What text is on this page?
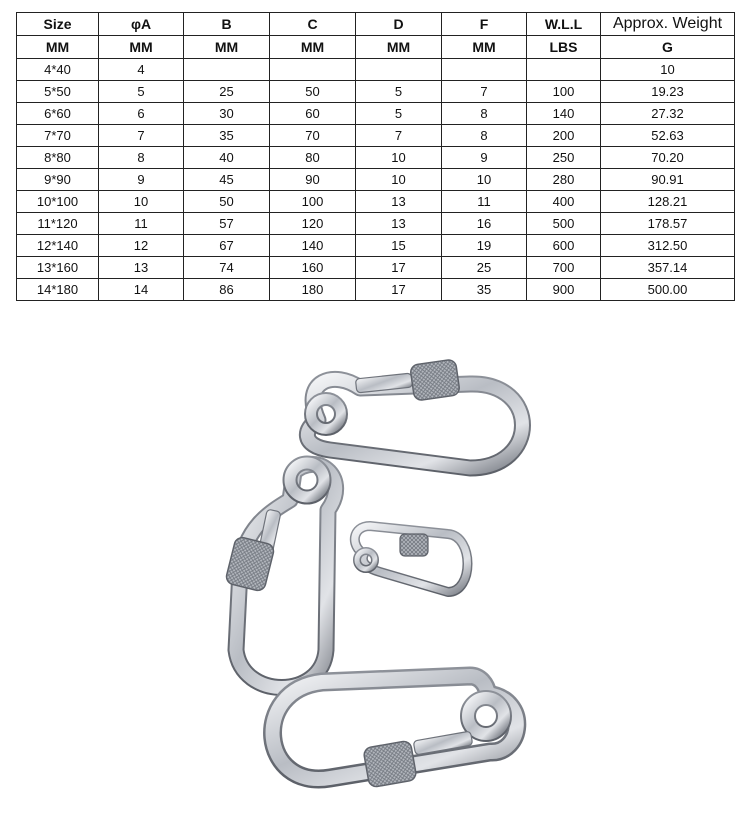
Size	φA	B	C	D	F	W.L.L	Approx. Weight
MM	MM	MM	MM	MM	MM	LBS	G
4*40	4						10
5*50	5	25	50	5	7	100	19.23
6*60	6	30	60	5	8	140	27.32
7*70	7	35	70	7	8	200	52.63
8*80	8	40	80	10	9	250	70.20
9*90	9	45	90	10	10	280	90.91
10*100	10	50	100	13	11	400	128.21
11*120	11	57	120	13	16	500	178.57
12*140	12	67	140	15	19	600	312.50
13*160	13	74	160	17	25	700	357.14
14*180	14	86	180	17	35	900	500.00
